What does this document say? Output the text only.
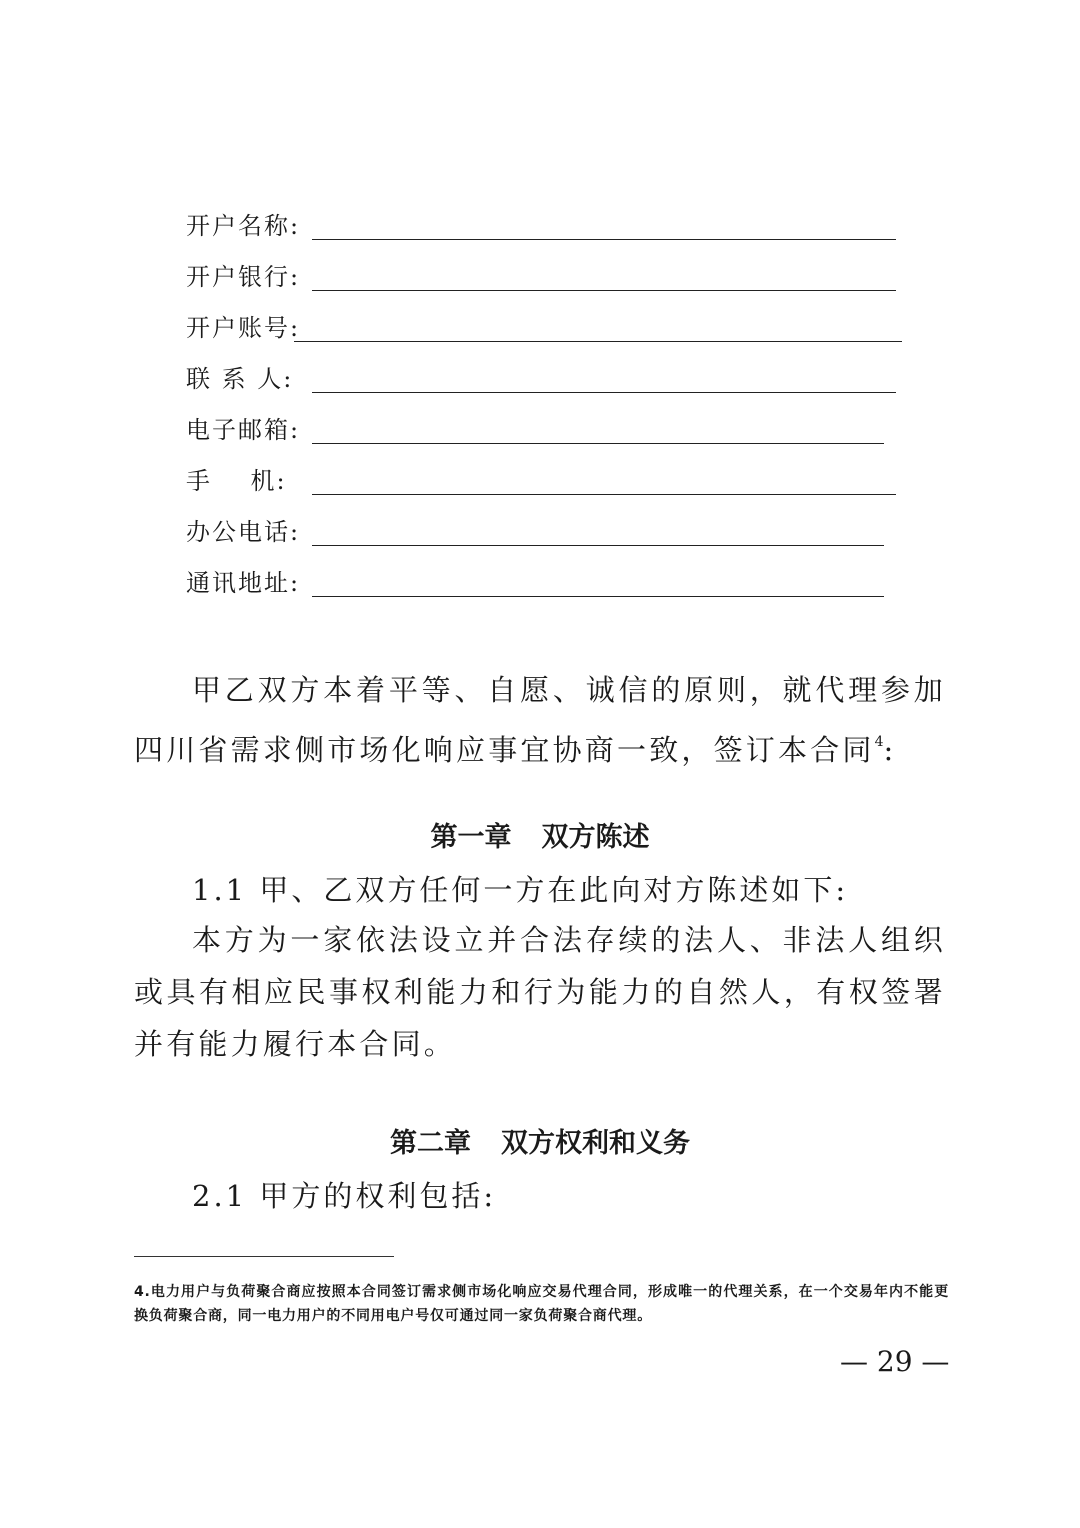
开户名称:
开户银行:
开户账号:
联 系 人:
电子邮箱:
手    机:
办公电话:
通讯地址:

甲乙双方本着平等、自愿、诚信的原则，就代理参加四川省需求侧市场化响应事宜协商一致，签订本合同$^4$:

第一章 双方陈述

1.1 甲、乙双方任何一方在此向对方陈述如下:

本方为一家依法设立并合法存续的法人、非法人组织或具有相应民事权利能力和行为能力的自然人，有权签署并有能力履行本合同。

第二章 双方权利和义务

2.1 甲方的权利包括:

4.电力用户与负荷聚合商应按照本合同签订需求侧市场化响应交易代理合同，形成唯一的代理关系，在一个交易年内不能更换负荷聚合商，同一电力用户的不同用电户号仅可通过同一家负荷聚合商代理。

— 29 —
